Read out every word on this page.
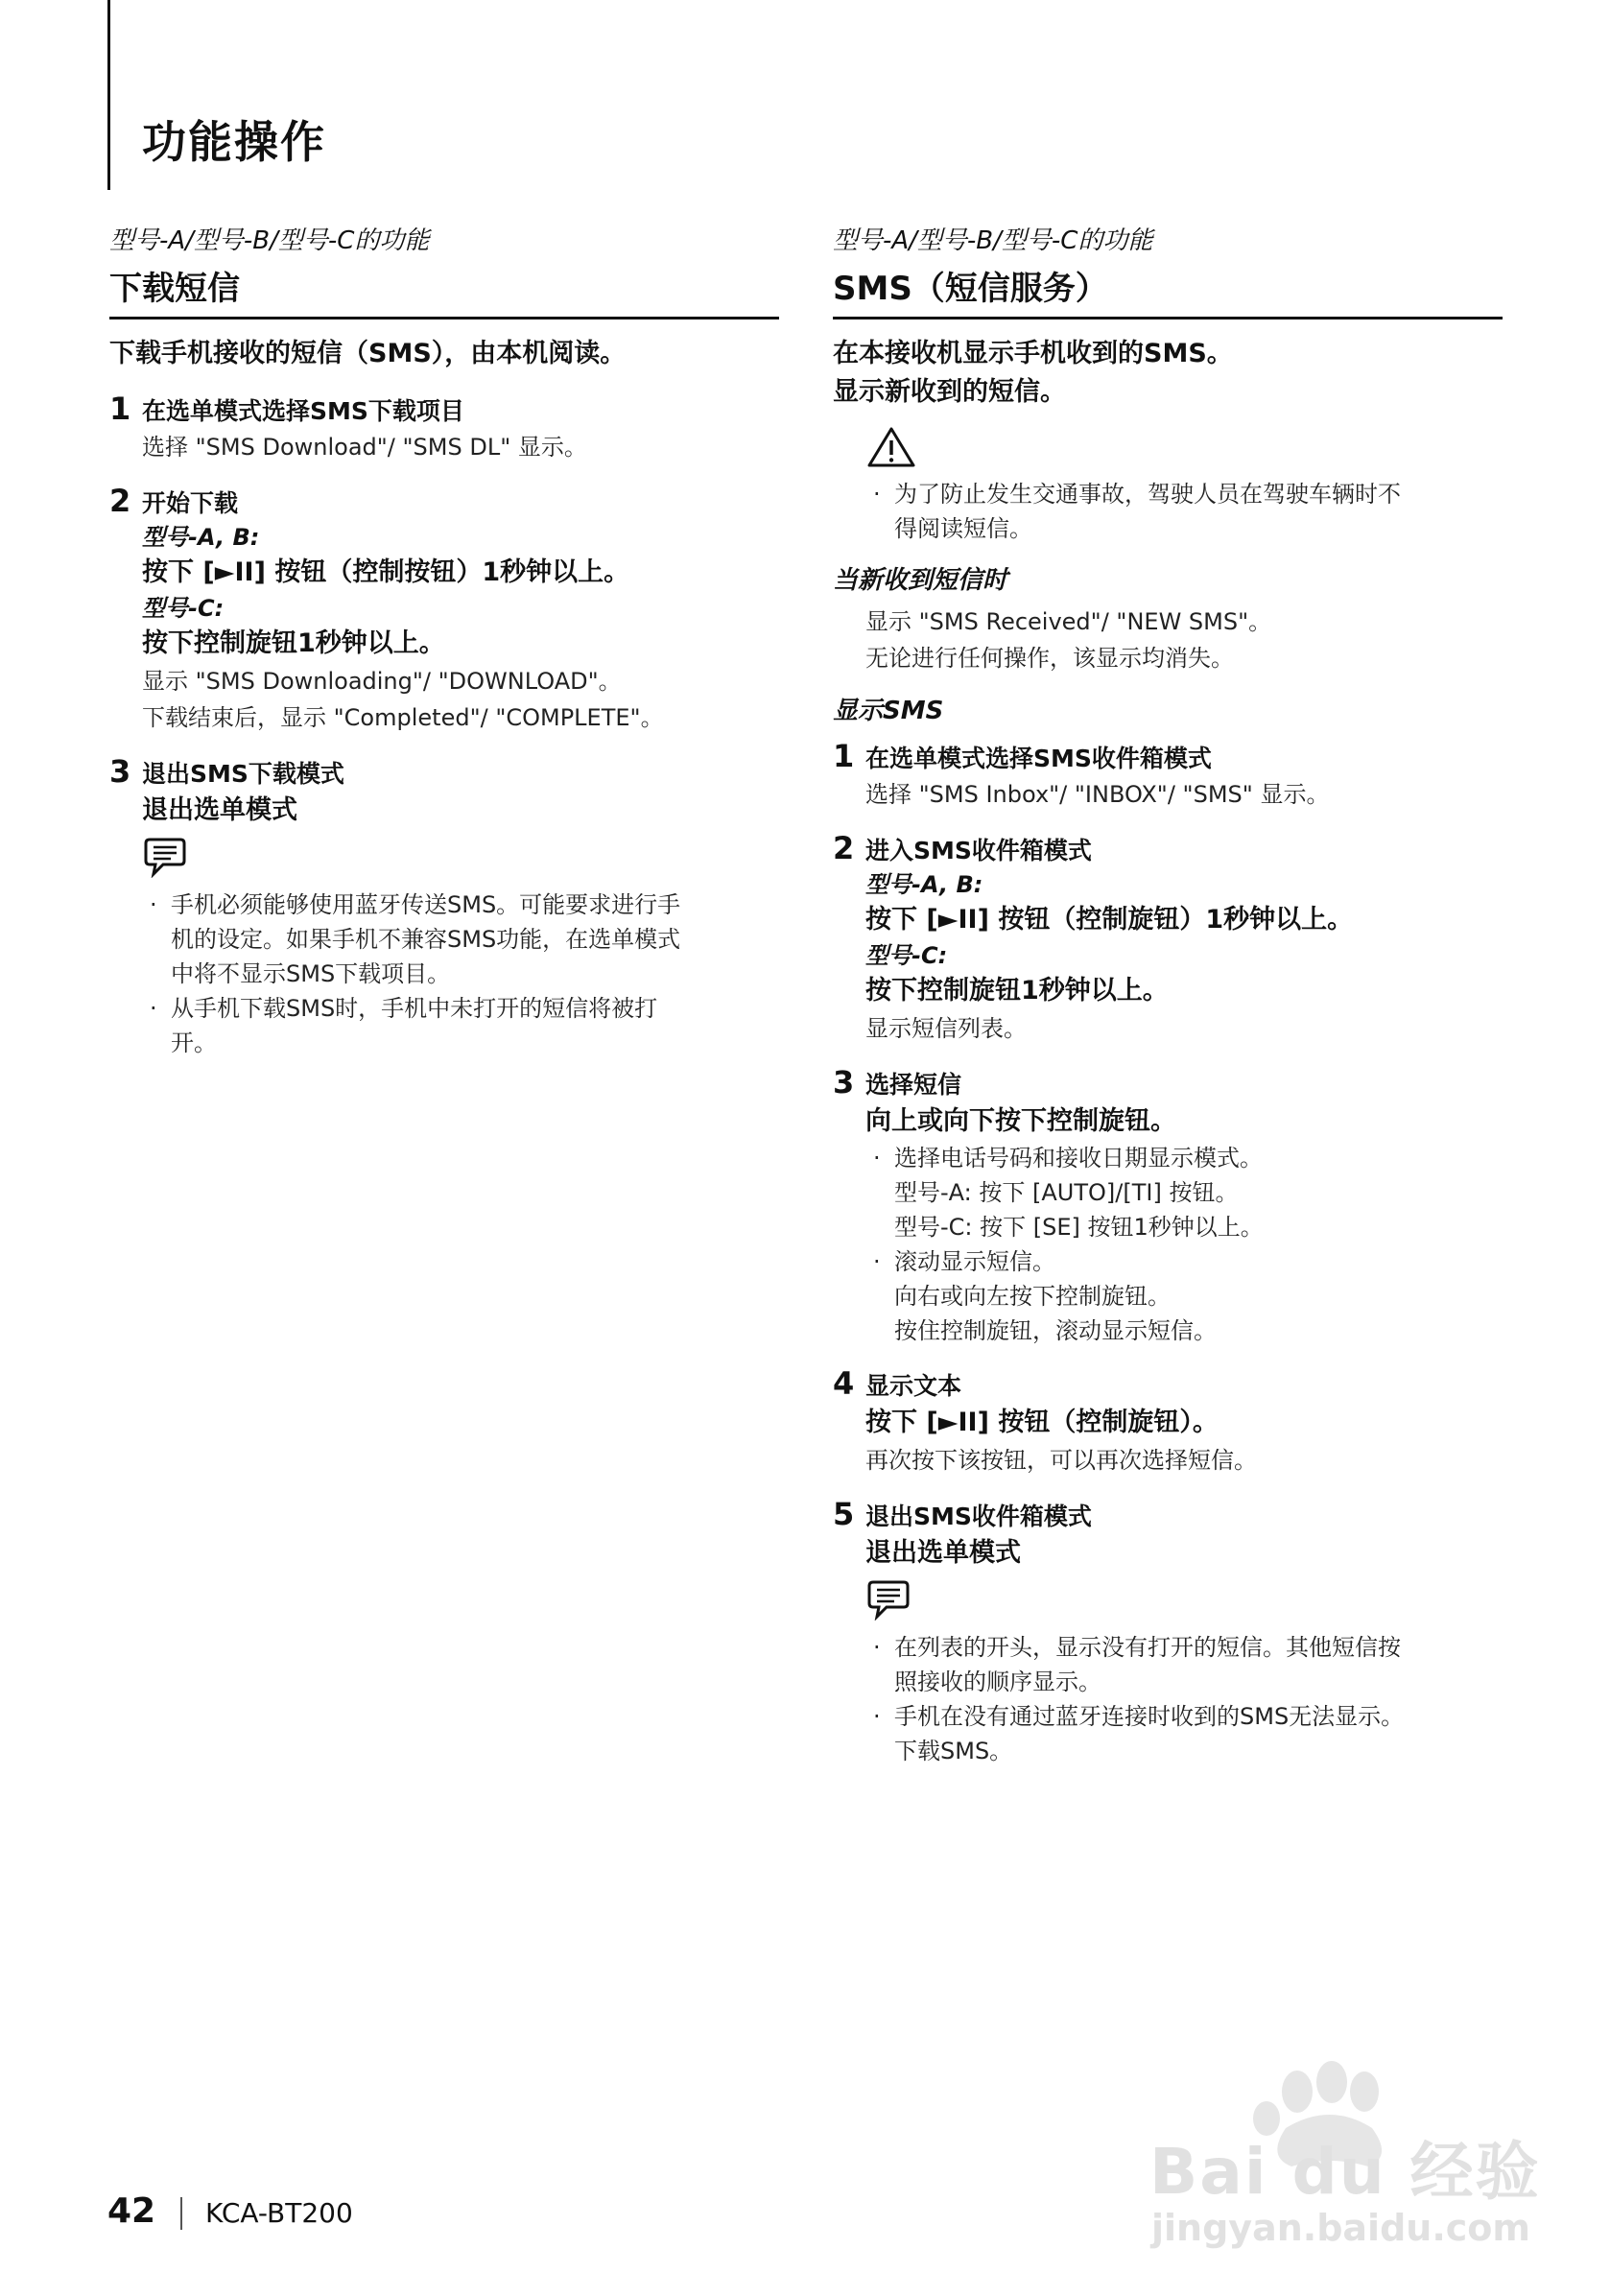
功能操作
型号-A/型号-B/型号-C的功能
下载短信
下载手机接收的短信（SMS），由本机阅读。
1 在选单模式选择SMS下载项目
选择 "SMS Download"/ "SMS DL" 显示。
2 开始下载
型号-A, B:
按下 [►II] 按钮（控制按钮）1秒钟以上。
型号-C:
按下控制旋钮1秒钟以上。
显示 "SMS Downloading"/ "DOWNLOAD"。
下载结束后，显示 "Completed"/ "COMPLETE"。
3 退出SMS下载模式
退出选单模式
· 手机必须能够使用蓝牙传送SMS。可能要求进行手
机的设定。如果手机不兼容SMS功能，在选单模式
中将不显示SMS下载项目。
· 从手机下载SMS时，手机中未打开的短信将被打
开。
型号-A/型号-B/型号-C的功能
SMS（短信服务）
在本接收机显示手机收到的SMS。
显示新收到的短信。
· 为了防止发生交通事故，驾驶人员在驾驶车辆时不
得阅读短信。
当新收到短信时
显示 "SMS Received"/ "NEW SMS"。
无论进行任何操作，该显示均消失。
显示SMS
1 在选单模式选择SMS收件箱模式
选择 "SMS Inbox"/ "INBOX"/ "SMS" 显示。
2 进入SMS收件箱模式
型号-A, B:
按下 [►II] 按钮（控制旋钮）1秒钟以上。
型号-C:
按下控制旋钮1秒钟以上。
显示短信列表。
3 选择短信
向上或向下按下控制旋钮。
· 选择电话号码和接收日期显示模式。
型号-A: 按下 [AUTO]/[TI] 按钮。
型号-C: 按下 [SE] 按钮1秒钟以上。
· 滚动显示短信。
向右或向左按下控制旋钮。
按住控制旋钮，滚动显示短信。
4 显示文本
按下 [►II] 按钮（控制旋钮）。
再次按下该按钮，可以再次选择短信。
5 退出SMS收件箱模式
退出选单模式
· 在列表的开头，显示没有打开的短信。其他短信按
照接收的顺序显示。
· 手机在没有通过蓝牙连接时收到的SMS无法显示。
下载SMS。
Bai du 经验
jingyan.baidu.com
42 KCA-BT200
